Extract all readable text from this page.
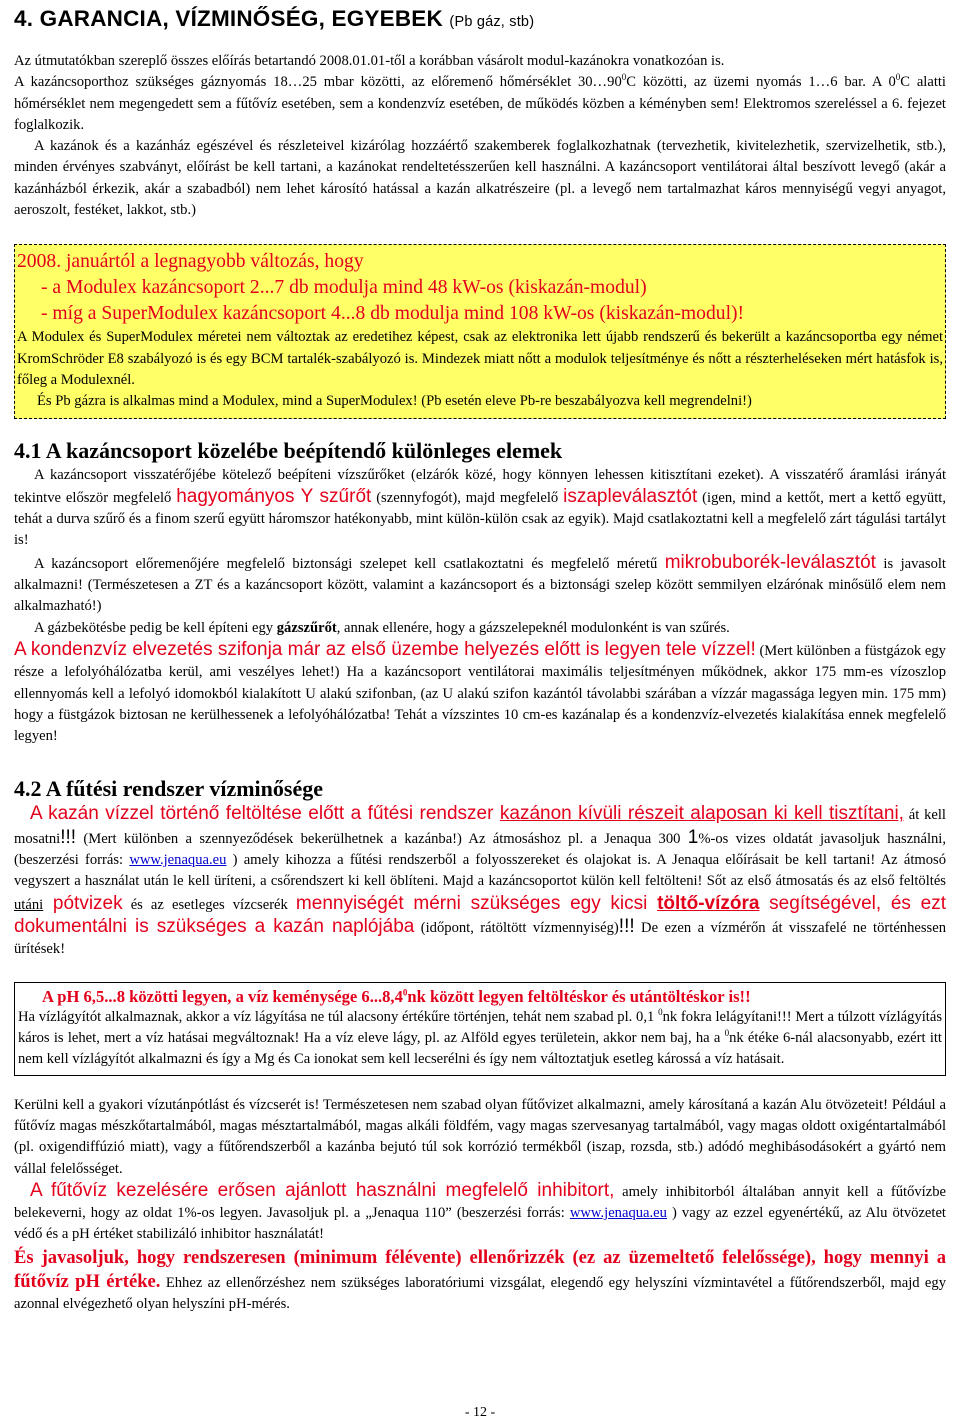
4. GARANCIA, VÍZMINŐSÉG, EGYEBEK (Pb gáz, stb)

Az útmutatókban szereplő összes előírás betartandó 2008.01.01-től a korábban vásárolt modul-kazánokra vonatkozóan is.

A kazáncsoporthoz szükséges gáznyomás 18…25 mbar közötti, az előremenő hőmérséklet $30\dots 90^0C$ közötti, az üzemi nyomás 1…6 bar. A $0^0C$ alatti hőmérséklet nem megengedett sem a fűtővíz esetében, sem a kondenzvíz esetében, de működés közben a kéményben sem! Elektromos szereléssel a 6. fejezet foglalkozik.

A kazánok és a kazánház egészével és részleteivel kizárólag hozzáértő szakemberek foglalkozhatnak (tervezhetik, kivitelezhetik, szervizelhetik, stb.), minden érvényes szabványt, előírást be kell tartani, a kazánokat rendeltetésszerűen kell használni. A kazáncsoport ventilátorai által beszívott levegő (akár a kazánházból érkezik, akár a szabadból) nem lehet károsító hatással a kazán alkatrészeire (pl. a levegő nem tartalmazhat káros mennyiségű vegyi anyagot, aeroszolt, festéket, lakkot, stb.)

2008. januártól a legnagyobb változás, hogy
- a Modulex kazáncsoport 2...7 db modulja mind 48 kW-os (kiskazán-modul)
- míg a SuperModulex kazáncsoport 4...8 db modulja mind 108 kW-os (kiskazán-modul)!

A Modulex és SuperModulex méretei nem változtak az eredetihez képest, csak az elektronika lett újabb rendszerű és bekerült a kazáncsoportba egy német KromSchröder E8 szabályozó is és egy BCM tartalék-szabályozó is. Mindezek miatt nőtt a modulok teljesítménye és nőtt a részterheléseken mért hatásfok is, főleg a Modulexnél.

És Pb gázra is alkalmas mind a Modulex, mind a SuperModulex! (Pb esetén eleve Pb-re beszabályozva kell megrendelni!)

4.1 A kazáncsoport közelébe beépítendő különleges elemek

A kazáncsoport visszatérőjébe kötelező beépíteni vízszűrőket (elzárók közé, hogy könnyen lehessen kitisztítani ezeket). A visszatérő áramlási irányát tekintve először megfelelő hagyományos Y szűrőt (szennyfogót), majd megfelelő iszapleválasztót (igen, mind a kettőt, mert a kettő együtt, tehát a durva szűrő és a finom szerű együtt háromszor hatékonyabb, mint külön-külön csak az egyik). Majd csatlakoztatni kell a megfelelő zárt tágulási tartályt is!

A kazáncsoport előremenőjére megfelelő biztonsági szelepet kell csatlakoztatni és megfelelő méretű mikrobuborék-leválasztót is javasolt alkalmazni! (Természetesen a ZT és a kazáncsoport között, valamint a kazáncsoport és a biztonsági szelep között semmilyen elzárónak minősülő elem nem alkalmazható!)

A gázbekötésbe pedig be kell építeni egy gázszűrőt, annak ellenére, hogy a gázszelepeknél modulonként is van szűrés.

A kondenzvíz elvezetés szifonja már az első üzembe helyezés előtt is legyen tele vízzel! (Mert különben a füstgázok egy része a lefolyóhálózatba kerül, ami veszélyes lehet!) Ha a kazáncsoport ventilátorai maximális teljesítményen működnek, akkor 175 mm-es vízoszlop ellennyomás kell a lefolyó idomokból kialakított U alakú szifonban, (az U alakú szifon kazántól távolabbi szárában a vízzár magassága legyen min. 175 mm) hogy a füstgázok biztosan ne kerülhessenek a lefolyóhálózatba! Tehát a vízszintes 10 cm-es kazánalap és a kondenzvíz-elvezetés kialakítása ennek megfelelő legyen!

4.2 A fűtési rendszer vízminősége

A kazán vízzel történő feltöltése előtt a fűtési rendszer kazánon kívüli részeit alaposan ki kell tisztítani, át kell mosatni!!! (Mert különben a szennyeződések bekerülhetnek a kazánba!) Az átmosáshoz pl. a Jenaqua 300 1%-os vizes oldatát javasoljuk használni, (beszerzési forrás: www.jenaqua.eu ) amely kihozza a fűtési rendszerből a folyosszereket és olajokat is. A Jenaqua előírásait be kell tartani! Az átmosó vegyszert a használat után le kell üríteni, a csőrendszert ki kell öblíteni. Majd a kazáncsoportot külön kell feltölteni! Sőt az első átmosatás és az első feltöltés utáni pótvizek és az esetleges vízcserék mennyiségét mérni szükséges egy kicsi töltő-vízóra segítségével, és ezt dokumentálni is szükséges a kazán naplójába (időpont, rátöltött vízmennyiség)!!! De ezen a vízmérőn át visszafelé ne történhessen ürítések!

A pH 6,5...8 közötti legyen, a víz keménysége 6...8,4$^0$nk között legyen feltöltéskor és utántöltéskor is!!

Ha vízlágyítót alkalmaznak, akkor a víz lágyítása ne túl alacsony értékűre történjen, tehát nem szabad pl. 0,1 $^0$nk fokra lelágyítani!!! Mert a túlzott vízlágyítás káros is lehet, mert a víz hatásai megváltoznak! Ha a víz eleve lágy, pl. az Alföld egyes területein, akkor nem baj, ha a $^0$nk étéke 6-nál alacsonyabb, ezért itt nem kell vízlágyítót alkalmazni és így a Mg és Ca ionokat sem kell lecserélni és így nem változtatjuk esetleg károssá a víz hatásait.

Kerülni kell a gyakori vízutánpótlást és vízcserét is! Természetesen nem szabad olyan fűtővizet alkalmazni, amely károsítaná a kazán Alu ötvözeteit! Például a fűtővíz magas mészkőtartalmából, magas mésztartalmából, magas alkáli földfém, vagy magas szervesanyag tartalmából, vagy magas oldott oxigéntartalmából (pl. oxigendiffúzió miatt), vagy a fűtőrendszerből a kazánba bejutó túl sok korrózió termékből (iszap, rozsda, stb.) adódó meghibásodásokért a gyártó nem vállal felelősséget.

A fűtővíz kezelésére erősen ajánlott használni megfelelő inhibitort, amely inhibitorból általában annyit kell a fűtővízbe belekeverni, hogy az oldat 1%-os legyen. Javasoljuk pl. a „Jenaqua 110” (beszerzési forrás: www.jenaqua.eu ) vagy az ezzel egyenértékű, az Alu ötvözetet védő és a pH értéket stabilizáló inhibitor használatát!

És javasoljuk, hogy rendszeresen (minimum félévente) ellenőrizzék (ez az üzemeltető felelőssége), hogy mennyi a fűtővíz pH értéke. Ehhez az ellenőrzéshez nem szükséges laboratóriumi vizsgálat, elegendő egy helyszíni vízmintavétel a fűtőrendszerből, majd egy azonnal elvégezhető olyan helyszíni pH-mérés.

- 12 -
